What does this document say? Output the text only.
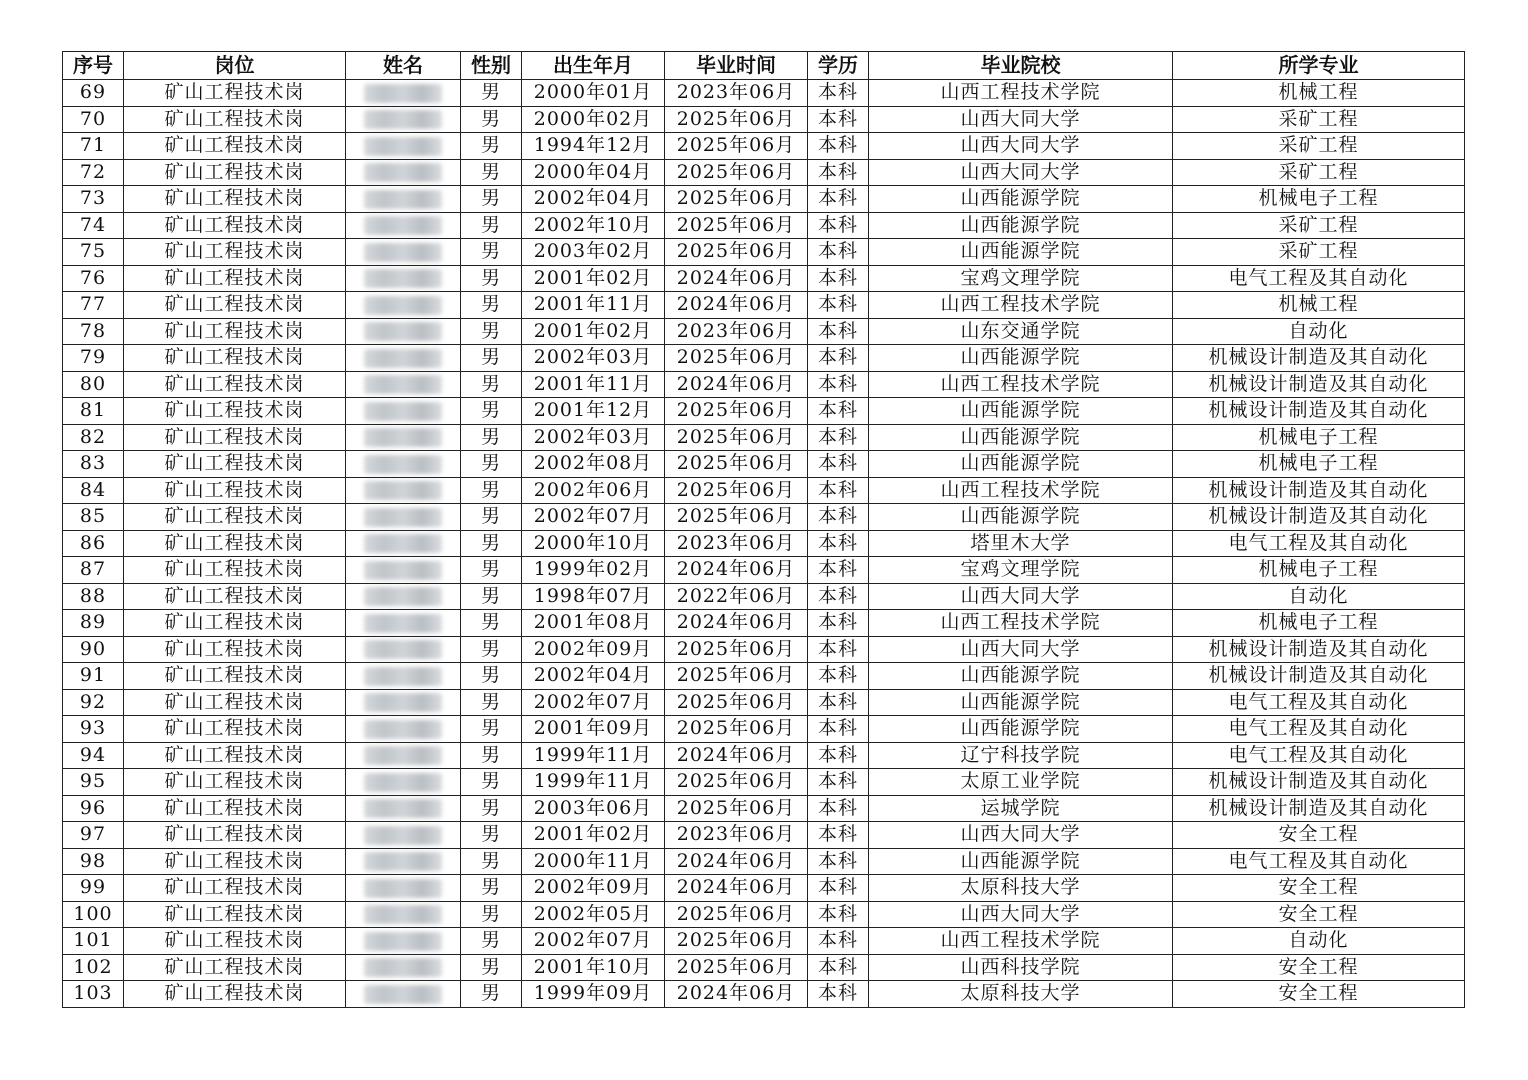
序号	岗位	姓名	性别	出生年月	毕业时间	学历	毕业院校	所学专业
69	矿山工程技术岗		男	2000年01月	2023年06月	本科	山西工程技术学院	机械工程
70	矿山工程技术岗		男	2000年02月	2025年06月	本科	山西大同大学	采矿工程
71	矿山工程技术岗		男	1994年12月	2025年06月	本科	山西大同大学	采矿工程
72	矿山工程技术岗		男	2000年04月	2025年06月	本科	山西大同大学	采矿工程
73	矿山工程技术岗		男	2002年04月	2025年06月	本科	山西能源学院	机械电子工程
74	矿山工程技术岗		男	2002年10月	2025年06月	本科	山西能源学院	采矿工程
75	矿山工程技术岗		男	2003年02月	2025年06月	本科	山西能源学院	采矿工程
76	矿山工程技术岗		男	2001年02月	2024年06月	本科	宝鸡文理学院	电气工程及其自动化
77	矿山工程技术岗		男	2001年11月	2024年06月	本科	山西工程技术学院	机械工程
78	矿山工程技术岗		男	2001年02月	2023年06月	本科	山东交通学院	自动化
79	矿山工程技术岗		男	2002年03月	2025年06月	本科	山西能源学院	机械设计制造及其自动化
80	矿山工程技术岗		男	2001年11月	2024年06月	本科	山西工程技术学院	机械设计制造及其自动化
81	矿山工程技术岗		男	2001年12月	2025年06月	本科	山西能源学院	机械设计制造及其自动化
82	矿山工程技术岗		男	2002年03月	2025年06月	本科	山西能源学院	机械电子工程
83	矿山工程技术岗		男	2002年08月	2025年06月	本科	山西能源学院	机械电子工程
84	矿山工程技术岗		男	2002年06月	2025年06月	本科	山西工程技术学院	机械设计制造及其自动化
85	矿山工程技术岗		男	2002年07月	2025年06月	本科	山西能源学院	机械设计制造及其自动化
86	矿山工程技术岗		男	2000年10月	2023年06月	本科	塔里木大学	电气工程及其自动化
87	矿山工程技术岗		男	1999年02月	2024年06月	本科	宝鸡文理学院	机械电子工程
88	矿山工程技术岗		男	1998年07月	2022年06月	本科	山西大同大学	自动化
89	矿山工程技术岗		男	2001年08月	2024年06月	本科	山西工程技术学院	机械电子工程
90	矿山工程技术岗		男	2002年09月	2025年06月	本科	山西大同大学	机械设计制造及其自动化
91	矿山工程技术岗		男	2002年04月	2025年06月	本科	山西能源学院	机械设计制造及其自动化
92	矿山工程技术岗		男	2002年07月	2025年06月	本科	山西能源学院	电气工程及其自动化
93	矿山工程技术岗		男	2001年09月	2025年06月	本科	山西能源学院	电气工程及其自动化
94	矿山工程技术岗		男	1999年11月	2024年06月	本科	辽宁科技学院	电气工程及其自动化
95	矿山工程技术岗		男	1999年11月	2025年06月	本科	太原工业学院	机械设计制造及其自动化
96	矿山工程技术岗		男	2003年06月	2025年06月	本科	运城学院	机械设计制造及其自动化
97	矿山工程技术岗		男	2001年02月	2023年06月	本科	山西大同大学	安全工程
98	矿山工程技术岗		男	2000年11月	2024年06月	本科	山西能源学院	电气工程及其自动化
99	矿山工程技术岗		男	2002年09月	2024年06月	本科	太原科技大学	安全工程
100	矿山工程技术岗		男	2002年05月	2025年06月	本科	山西大同大学	安全工程
101	矿山工程技术岗		男	2002年07月	2025年06月	本科	山西工程技术学院	自动化
102	矿山工程技术岗		男	2001年10月	2025年06月	本科	山西科技学院	安全工程
103	矿山工程技术岗		男	1999年09月	2024年06月	本科	太原科技大学	安全工程
